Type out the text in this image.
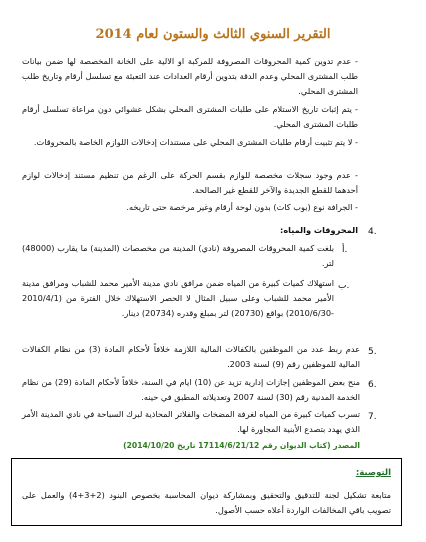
التقرير السنوي الثالث والستون لعام 2014
- عدم تدوين كمية المحروقات المصروفة للمركبة او الالية على الخانة المخصصة لها ضمن بيانات طلب المشترى المحلي وعدم الدقة بتدوين أرقام العدادات عند التعبئة مع تسلسل أرقام وتاريخ طلب المشترى المحلي.
- يتم إثبات تاريخ الاستلام على طلبات المشترى المحلي بشكل عشوائي دون مراعاة تسلسل أرقام طلبات المشترى المحلي.
- لا يتم تثبيت أرقام طلبات المشترى المحلي على مستندات إدخالات اللوازم الخاصة بالمحروقات.
- عدم وجود سجلات مخصصة للوازم بقسم الحركة على الرغم من تنظيم مستند إدخالات لوازم أحدهما للقطع الجديدة والآخر للقطع غير الصالحة.
- الجرافة نوع (بوب كات) بدون لوحة أرقام وغير مرخصة حتى تاريخه.
4.
المحروقات والمياه:
أ.
بلغت كمية المحروقات المصروفة (نادي) المدينة من مخصصات (المدينة) ما يقارب (48000) لتر.
ب.
استهلاك كميات كبيرة من المياه ضمن مرافق نادي مدينة الأمير محمد للشباب ومرافق مدينة الأمير محمد للشباب وعلى سبيل المثال لا الحصر الاستهلاك خلال الفترة من (2010/4/1 -2010/6/30) بواقع (20730) لتر بمبلغ وقدره (20734) دينار.
5.
عدم ربط عدد من الموظفين بالكفالات المالية اللازمة خلافاً لأحكام المادة (3) من نظام الكفالات المالية للموظفين رقم (9) لسنة 2003.
6.
منح بعض الموظفين إجازات إدارية تزيد عن (10) ايام في السنة، خلافاً لأحكام المادة (29) من نظام الخدمة المدنية رقم (30) لسنة 2007 وتعديلاته المطبق في حينه.
7.
تسرب كميات كبيرة من المياه لغرفة المضخات والفلاتر المحاذية لبرك السباحة في نادي المدينة الأمر الذي يهدد بتصدع الأبنية المجاورة لها.
المصدر (كتاب الديوان رقم 17114/6/21/12 تاريخ 2014/10/20)
التوصية:
متابعة تشكيل لجنة للتدقيق والتحقيق وبمشاركة ديوان المحاسبة بخصوص البنود (2+3+4) والعمل على تصويب باقي المخالفات الواردة أعلاه حسب الأصول.
